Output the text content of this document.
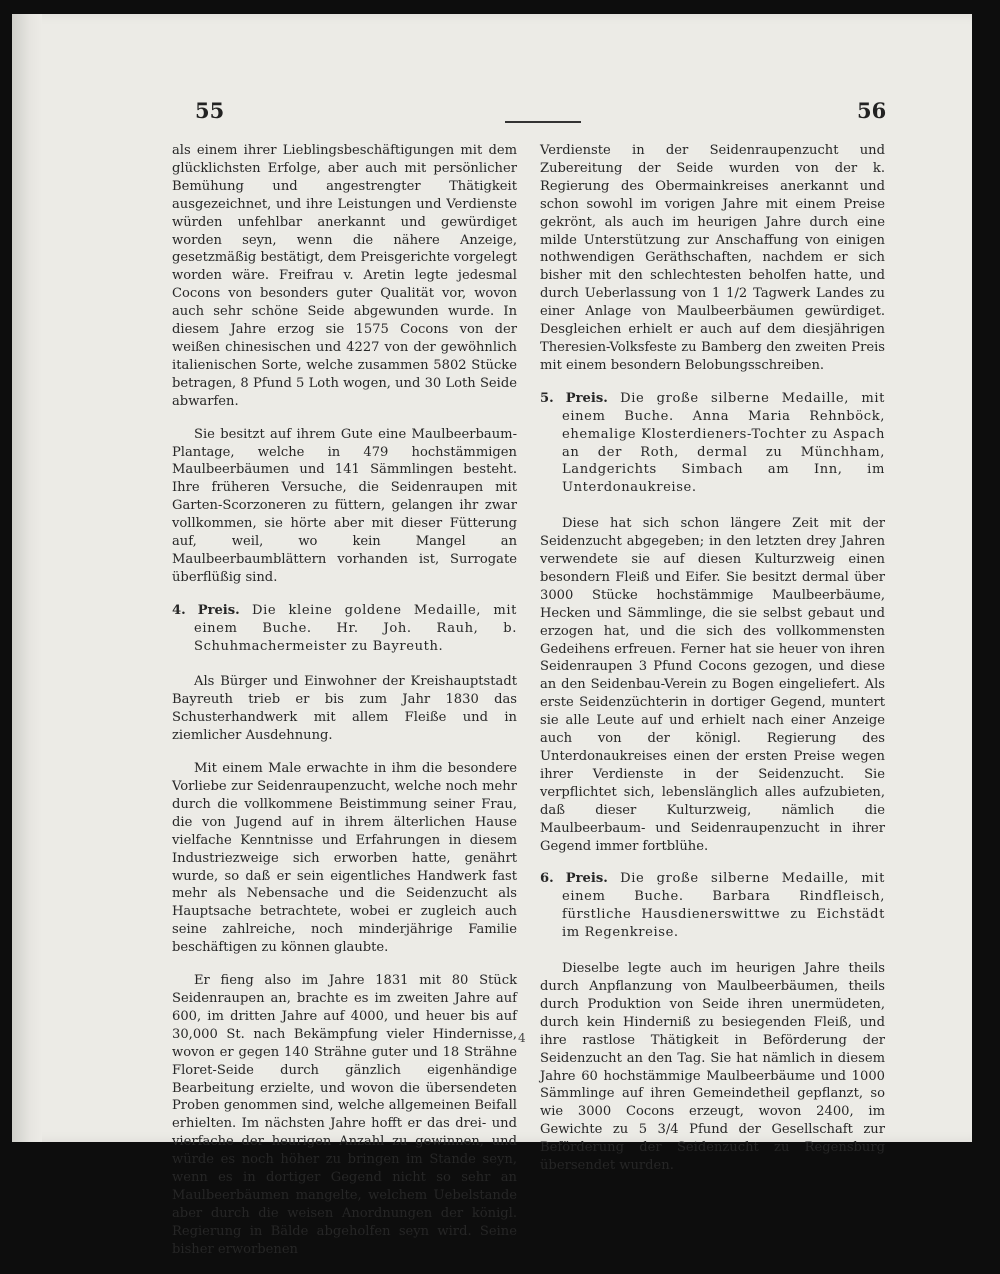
55	56

als einem ihrer Lieblingsbeschäftigungen mit dem glücklichsten Erfolge, aber auch mit persönlicher Bemühung und angestrengter Thätigkeit ausgezeichnet, und ihre Leistungen und Verdienste würden unfehlbar anerkannt und gewürdiget worden seyn, wenn die nähere Anzeige, gesetzmäßig bestätigt, dem Preisgerichte vorgelegt worden wäre. Freifrau v. Aretin legte jedesmal Cocons von besonders guter Qualität vor, wovon auch sehr schöne Seide abgewunden wurde. In diesem Jahre erzog sie 1575 Cocons von der weißen chinesischen und 4227 von der gewöhnlich italienischen Sorte, welche zusammen 5802 Stücke betragen, 8 Pfund 5 Loth wogen, und 30 Loth Seide abwarfen.

Sie besitzt auf ihrem Gute eine Maulbeerbaum-Plantage, welche in 479 hochstämmigen Maulbeerbäumen und 141 Sämmlingen besteht. Ihre früheren Versuche, die Seidenraupen mit Garten-Scorzoneren zu füttern, gelangen ihr zwar vollkommen, sie hörte aber mit dieser Fütterung auf, weil, wo kein Mangel an Maulbeerbaumblättern vorhanden ist, Surrogate überflüßig sind.

4. Preis. Die kleine goldene Medaille, mit einem Buche. Hr. Joh. Rauh, b. Schuhmachermeister zu Bayreuth.

Als Bürger und Einwohner der Kreishauptstadt Bayreuth trieb er bis zum Jahr 1830 das Schusterhandwerk mit allem Fleiße und in ziemlicher Ausdehnung.

Mit einem Male erwachte in ihm die besondere Vorliebe zur Seidenraupenzucht, welche noch mehr durch die vollkommene Beistimmung seiner Frau, die von Jugend auf in ihrem älterlichen Hause vielfache Kenntnisse und Erfahrungen in diesem Industriezweige sich erworben hatte, genährt wurde, so daß er sein eigentliches Handwerk fast mehr als Nebensache und die Seidenzucht als Hauptsache betrachtete, wobei er zugleich auch seine zahlreiche, noch minderjährige Familie beschäftigen zu können glaubte.

Er fieng also im Jahre 1831 mit 80 Stück Seidenraupen an, brachte es im zweiten Jahre auf 600, im dritten Jahre auf 4000, und heuer bis auf 30,000 St. nach Bekämpfung vieler Hindernisse, wovon er gegen 140 Strähne guter und 18 Strähne Floret-Seide durch gänzlich eigenhändige Bearbeitung erzielte, und wovon die übersendeten Proben genommen sind, welche allgemeinen Beifall erhielten. Im nächsten Jahre hofft er das drei- und vierfache der heurigen Anzahl zu gewinnen, und würde es noch höher zu bringen im Stande seyn, wenn es in dortiger Gegend nicht so sehr an Maulbeerbäumen mangelte, welchem Uebelstande aber durch die weisen Anordnungen der königl. Regierung in Bälde abgeholfen seyn wird. Seine bisher erworbenen

Verdienste in der Seidenraupenzucht und Zubereitung der Seide wurden von der k. Regierung des Obermainkreises anerkannt und schon sowohl im vorigen Jahre mit einem Preise gekrönt, als auch im heurigen Jahre durch eine milde Unterstützung zur Anschaffung von einigen nothwendigen Geräthschaften, nachdem er sich bisher mit den schlechtesten beholfen hatte, und durch Ueberlassung von 1 1/2 Tagwerk Landes zu einer Anlage von Maulbeerbäumen gewürdiget. Desgleichen erhielt er auch auf dem diesjährigen Theresien-Volksfeste zu Bamberg den zweiten Preis mit einem besondern Belobungsschreiben.

5. Preis. Die große silberne Medaille, mit einem Buche. Anna Maria Rehnböck, ehemalige Klosterdieners-Tochter zu Aspach an der Roth, dermal zu Münchham, Landgerichts Simbach am Inn, im Unterdonaukreise.

Diese hat sich schon längere Zeit mit der Seidenzucht abgegeben; in den letzten drey Jahren verwendete sie auf diesen Kulturzweig einen besondern Fleiß und Eifer. Sie besitzt dermal über 3000 Stücke hochstämmige Maulbeerbäume, Hecken und Sämmlinge, die sie selbst gebaut und erzogen hat, und die sich des vollkommensten Gedeihens erfreuen. Ferner hat sie heuer von ihren Seidenraupen 3 Pfund Cocons gezogen, und diese an den Seidenbau-Verein zu Bogen eingeliefert. Als erste Seidenzüchterin in dortiger Gegend, muntert sie alle Leute auf und erhielt nach einer Anzeige auch von der königl. Regierung des Unterdonaukreises einen der ersten Preise wegen ihrer Verdienste in der Seidenzucht. Sie verpflichtet sich, lebenslänglich alles aufzubieten, daß dieser Kulturzweig, nämlich die Maulbeerbaum- und Seidenraupenzucht in ihrer Gegend immer fortblühe.

6. Preis. Die große silberne Medaille, mit einem Buche. Barbara Rindfleisch, fürstliche Hausdienerswittwe zu Eichstädt im Regenkreise.

Dieselbe legte auch im heurigen Jahre theils durch Anpflanzung von Maulbeerbäumen, theils durch Produktion von Seide ihren unermüdeten, durch kein Hinderniß zu besiegenden Fleiß, und ihre rastlose Thätigkeit in Beförderung der Seidenzucht an den Tag. Sie hat nämlich in diesem Jahre 60 hochstämmige Maulbeerbäume und 1000 Sämmlinge auf ihren Gemeindetheil gepflanzt, so wie 3000 Cocons erzeugt, wovon 2400, im Gewichte zu 5 3/4 Pfund der Gesellschaft zur Beförderung der Seidenzucht zu Regensburg übersendet wurden.

4
